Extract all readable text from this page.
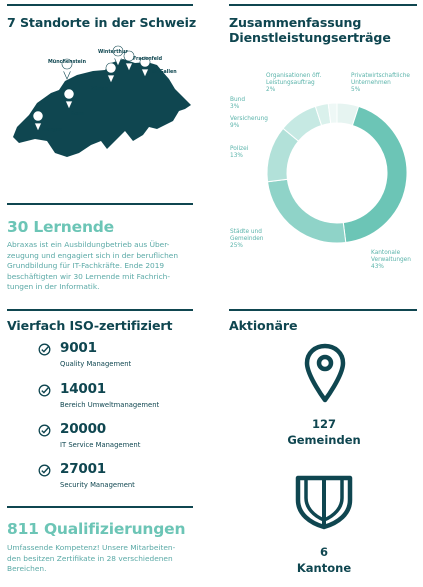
7 Standorte in der Schweiz
Winterthur
Frauenfeld
Münchenstein
St.Gallen
Zürich
Bern
Morges
Zusammenfassung
Dienstleistungserträge
Privatwirtschaftliche
Unternehmen
5%
Organisationen öff.
Leistungsauftrag
2%
Bund
3%
Versicherung
9%
Polizei
13%
Städte und
Gemeinden
25%
Kantonale
Verwaltungen
43%
30 Lernende
Abraxas ist ein Ausbildungbetrieb aus Über-
zeugung und engagiert sich in der beruflichen
Grundbildung für IT-Fachkräfte. Ende 2019
beschäftigten wir 30 Lernende mit Fachrich-
tungen in der Informatik.
Vierfach ISO-zertifiziert
9001
Quality Management
14001
Bereich Umweltmanagement
20000
IT Service Management
27001
Security Management
Aktionäre
127
Gemeinden
6
Kantone
811 Qualifizierungen
Umfassende Kompetenz! Unsere Mitarbeiten-
den besitzen Zertifikate in 28 verschiedenen
Bereichen.
